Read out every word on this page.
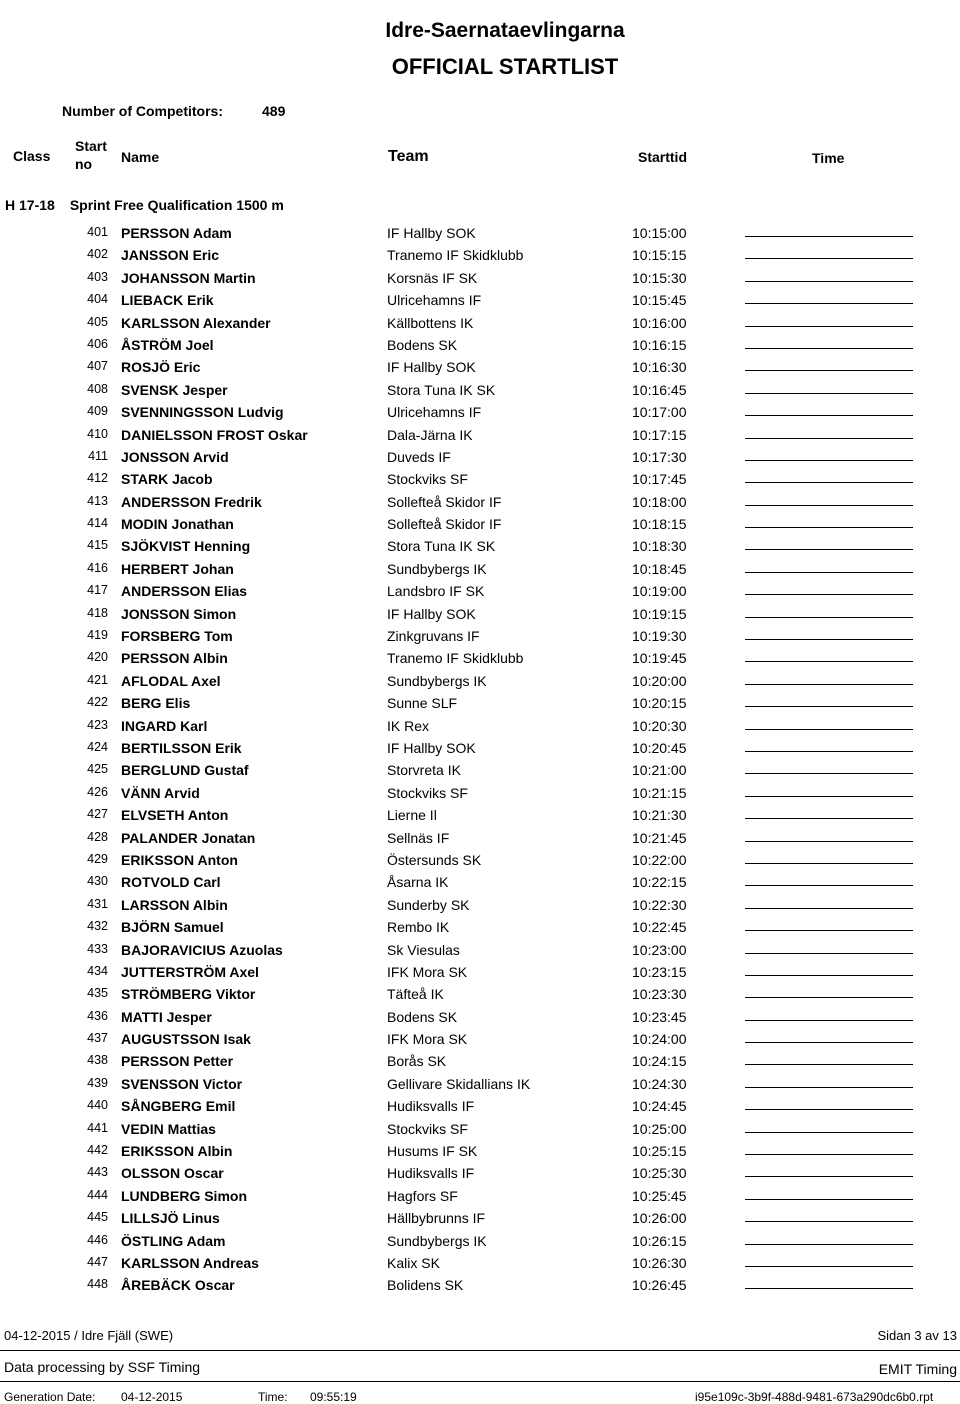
Idre-Saernataevlingarna
OFFICIAL STARTLIST
Number of Competitors:	489
Class
Start
no Name	Team	Starttid	Time
H 17-18 Sprint Free Qualification 1500 m
401 PERSSON Adam	IF Hallby SOK	10:15:00
402 JANSSON Eric	Tranemo IF Skidklubb	10:15:15
403 JOHANSSON Martin	Korsnäs IF SK	10:15:30
404 LIEBACK Erik	Ulricehamns IF	10:15:45
405 KARLSSON Alexander	Källbottens IK	10:16:00
406 ÅSTRÖM Joel	Bodens SK	10:16:15
407 ROSJÖ Eric	IF Hallby SOK	10:16:30
408 SVENSK Jesper	Stora Tuna IK SK	10:16:45
409 SVENNINGSSON Ludvig	Ulricehamns IF	10:17:00
410 DANIELSSON FROST Oskar	Dala-Järna IK	10:17:15
411 JONSSON Arvid	Duveds IF	10:17:30
412 STARK Jacob	Stockviks SF	10:17:45
413 ANDERSSON Fredrik	Sollefteå Skidor IF	10:18:00
414 MODIN Jonathan	Sollefteå Skidor IF	10:18:15
415 SJÖKVIST Henning	Stora Tuna IK SK	10:18:30
416 HERBERT Johan	Sundbybergs IK	10:18:45
417 ANDERSSON Elias	Landsbro IF SK	10:19:00
418 JONSSON Simon	IF Hallby SOK	10:19:15
419 FORSBERG Tom	Zinkgruvans IF	10:19:30
420 PERSSON Albin	Tranemo IF Skidklubb	10:19:45
421 AFLODAL Axel	Sundbybergs IK	10:20:00
422 BERG Elis	Sunne SLF	10:20:15
423 INGARD Karl	IK Rex	10:20:30
424 BERTILSSON Erik	IF Hallby SOK	10:20:45
425 BERGLUND Gustaf	Storvreta IK	10:21:00
426 VÄNN Arvid	Stockviks SF	10:21:15
427 ELVSETH Anton	Lierne Il	10:21:30
428 PALANDER Jonatan	Sellnäs IF	10:21:45
429 ERIKSSON Anton	Östersunds SK	10:22:00
430 ROTVOLD Carl	Åsarna IK	10:22:15
431 LARSSON Albin	Sunderby SK	10:22:30
432 BJÖRN Samuel	Rembo IK	10:22:45
433 BAJORAVICIUS Azuolas	Sk Viesulas	10:23:00
434 JUTTERSTRÖM Axel	IFK Mora SK	10:23:15
435 STRÖMBERG Viktor	Täfteå IK	10:23:30
436 MATTI Jesper	Bodens SK	10:23:45
437 AUGUSTSSON Isak	IFK Mora SK	10:24:00
438 PERSSON Petter	Borås SK	10:24:15
439 SVENSSON Victor	Gellivare Skidallians IK	10:24:30
440 SÅNGBERG Emil	Hudiksvalls IF	10:24:45
441 VEDIN Mattias	Stockviks SF	10:25:00
442 ERIKSSON Albin	Husums IF SK	10:25:15
443 OLSSON Oscar	Hudiksvalls IF	10:25:30
444 LUNDBERG Simon	Hagfors SF	10:25:45
445 LILLSJÖ Linus	Hällbybrunns IF	10:26:00
446 ÖSTLING Adam	Sundbybergs IK	10:26:15
447 KARLSSON Andreas	Kalix SK	10:26:30
448 ÅREBÄCK Oscar	Bolidens SK	10:26:45
04-12-2015 / Idre Fjäll (SWE)	Sidan 3 av 13
Data processing by SSF Timing	EMIT Timing
Generation Date: 04-12-2015	Time: 09:55:19	i95e109c-3b9f-488d-9481-673a290dc6b0.rpt
